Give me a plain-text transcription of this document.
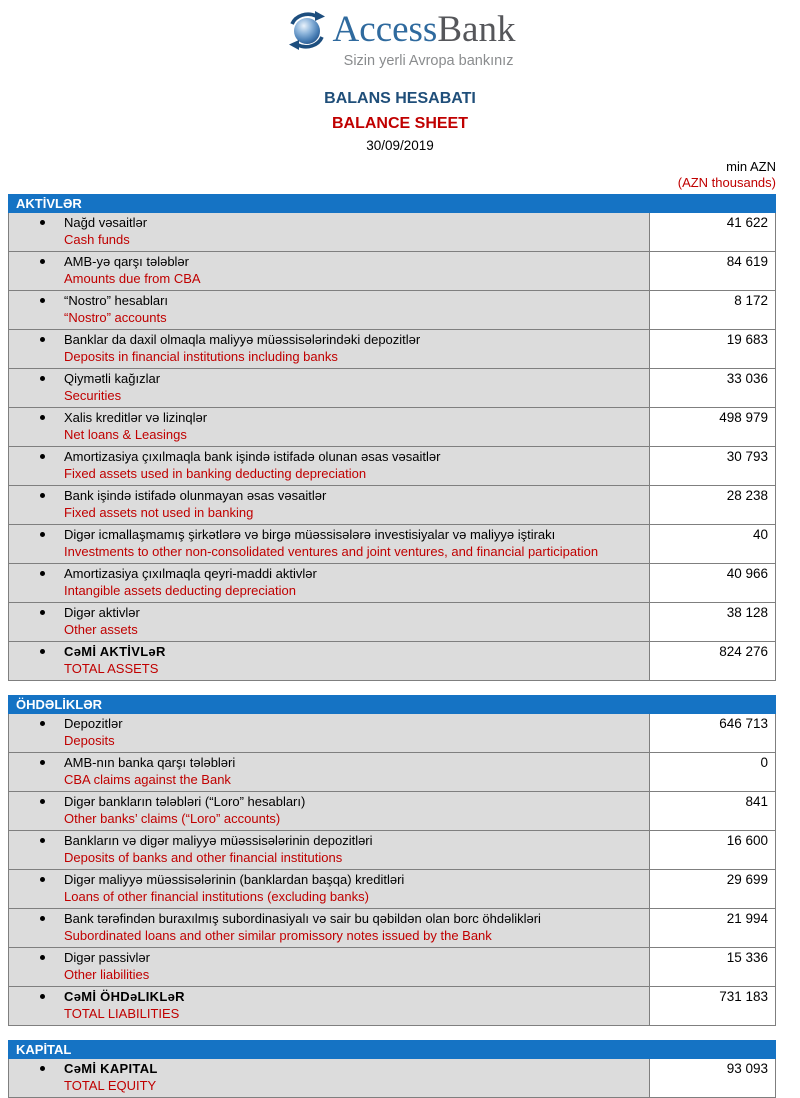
AccessBank
Sizin yerli Avropa bankınız
BALANS HESABATI
BALANCE SHEET
30/09/2019
min AZN
(AZN thousands)
AKTİVLƏR
Nağd vəsaitlər
Cash funds
41 622
AMB-yə qarşı tələblər
Amounts due from CBA
84 619
“Nostro” hesabları
“Nostro” accounts
8 172
Banklar da daxil olmaqla maliyyə müəssisələrindəki depozitlər
Deposits in financial institutions including banks
19 683
Qiymətli kağızlar
Securities
33 036
Xalis kreditlər və lizinqlər
Net loans & Leasings
498 979
Amortizasiya çıxılmaqla bank işində istifadə olunan əsas vəsaitlər
Fixed assets used in banking deducting depreciation
30 793
Bank işində istifadə olunmayan əsas vəsaitlər
Fixed assets not used in banking
28 238
Digər icmallaşmamış şirkətlərə və birgə müəssisələrə investisiyalar və maliyyə iştirakı
Investments to other non-consolidated ventures and joint ventures, and financial participation
40
Amortizasiya çıxılmaqla qeyri-maddi aktivlər
Intangible assets deducting depreciation
40 966
Digər aktivlər
Other assets
38 128
CəMİ AKTİVLəR
TOTAL ASSETS
824 276
ÖHDƏLİKLƏR
Depozitlər
Deposits
646 713
AMB-nın banka qarşı tələbləri
CBA claims against the Bank
0
Digər bankların tələbləri (“Loro” hesabları)
Other banks’ claims (“Loro” accounts)
841
Bankların və digər maliyyə müəssisələrinin depozitləri
Deposits of banks and other financial institutions
16 600
Digər maliyyə müəssisələrinin (banklardan başqa) kreditləri
Loans of other financial institutions (excluding banks)
29 699
Bank tərəfindən buraxılmış subordinasiyalı və sair bu qəbildən olan borc öhdəlikləri
Subordinated loans and other similar promissory notes issued by the Bank
21 994
Digər passivlər
Other liabilities
15 336
CəMİ ÖHDəLIKLəR
TOTAL LIABILITIES
731 183
KAPİTAL
CəMİ KAPITAL
TOTAL EQUITY
93 093
